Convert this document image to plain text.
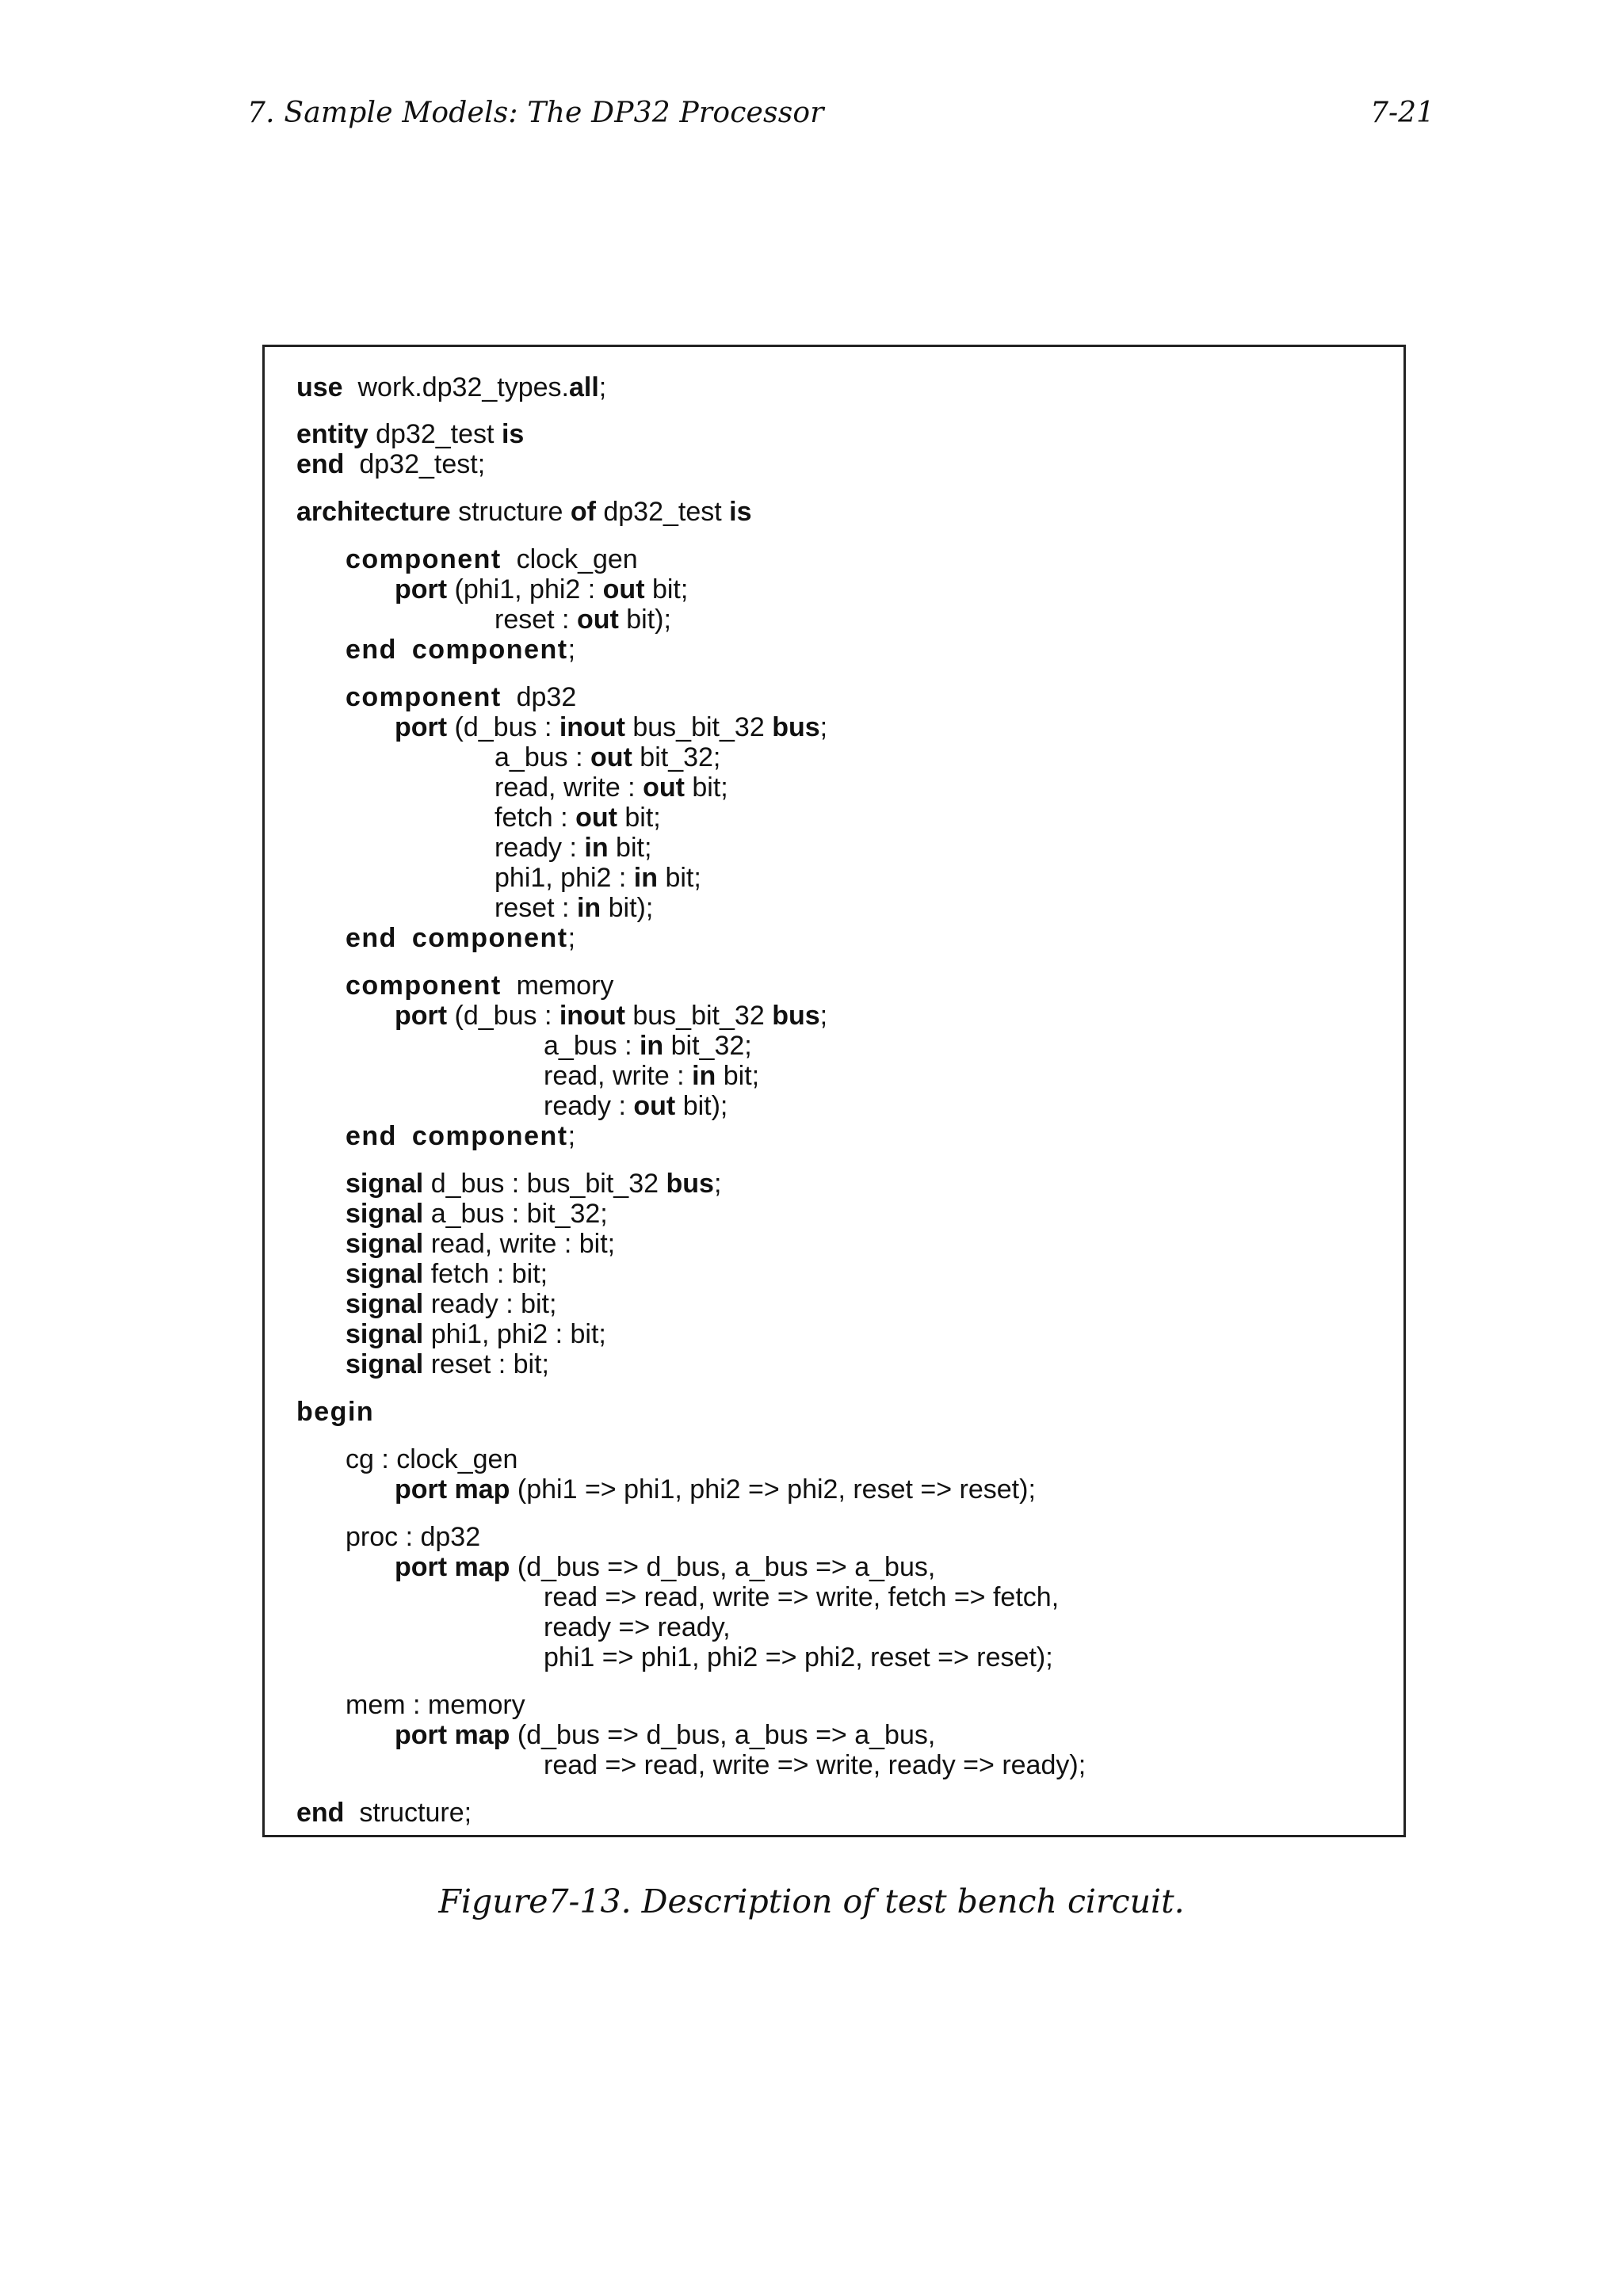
7. Sample Models: The DP32 Processor	7-21
use  work.dp32_types.all;
entity dp32_test is
end  dp32_test;
architecture structure of dp32_test is
component  clock_gen
port (phi1, phi2 : out bit;
reset : out bit);
end component;
component  dp32
port (d_bus : inout bus_bit_32 bus;
a_bus : out bit_32;
read, write : out bit;
fetch : out bit;
ready : in bit;
phi1, phi2 : in bit;
reset : in bit);
end component;
component  memory
port (d_bus : inout bus_bit_32 bus;
a_bus : in bit_32;
read, write : in bit;
ready : out bit);
end component;
signal d_bus : bus_bit_32 bus;
signal a_bus : bit_32;
signal read, write : bit;
signal fetch : bit;
signal ready : bit;
signal phi1, phi2 : bit;
signal reset : bit;
begin
cg : clock_gen
port map (phi1 => phi1, phi2 => phi2, reset => reset);
proc : dp32
port map (d_bus => d_bus, a_bus => a_bus,
read => read, write => write, fetch => fetch,
ready => ready,
phi1 => phi1, phi2 => phi2, reset => reset);
mem : memory
port map (d_bus => d_bus, a_bus => a_bus,
read => read, write => write, ready => ready);
end  structure;
Figure7-13. Description of test bench circuit.
